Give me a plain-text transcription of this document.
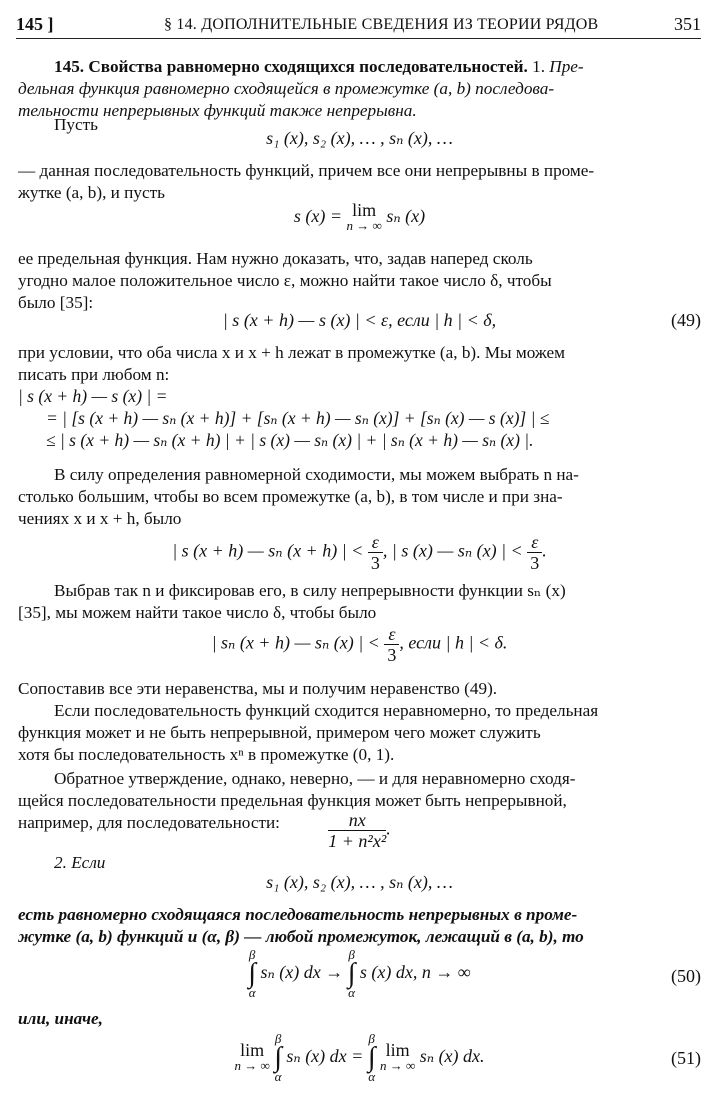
145 ]	§ 14. ДОПОЛНИТЕЛЬНЫЕ СВЕДЕНИЯ ИЗ ТЕОРИИ РЯДОВ	351
145. Свойства равномерно сходящихся последовательностей. 1. Пре-
дельная функция равномерно сходящейся в промежутке (a, b) последова-
тельности непрерывных функций также непрерывна.
Пусть
s₁ (x), s₂ (x), … , sₙ (x), …
— данная последовательность функций, причем все они непрерывны в проме-
жутке (a, b), и пусть
s (x) = lim
n → ∞ sₙ (x)
ее предельная функция. Нам нужно доказать, что, задав наперед сколь
угодно малое положительное число ε, можно найти такое число δ, чтобы
было [35]:
| s (x + h) — s (x) | < ε, если | h | < δ,	(49)
при условии, что оба числа x и x + h лежат в промежутке (a, b). Мы можем
писать при любом n:
| s (x + h) — s (x) | =
= | [s (x + h) — sₙ (x + h)] + [sₙ (x + h) — sₙ (x)] + [sₙ (x) — s (x)] | ≤
≤ | s (x + h) — sₙ (x + h) | + | s (x) — sₙ (x) | + | sₙ (x + h) — sₙ (x) |.
В силу определения равномерной сходимости, мы можем выбрать n на-
столько большим, чтобы во всем промежутке (a, b), в том числе и при зна-
чениях x и x + h, было
| s (x + h) — sₙ (x + h) | < $\frac{\varepsilon}{3}$ , | s (x) — sₙ (x) | < $\frac{\varepsilon}{3}$ .
Выбрав так n и фиксировав его, в силу непрерывности функции sₙ (x)
[35], мы можем найти такое число δ, чтобы было
| sₙ (x + h) — sₙ (x) | < $\frac{\varepsilon}{3}$ , если | h | < δ.
Сопоставив все эти неравенства, мы и получим неравенство (49).
Если последовательность функций сходится неравномерно, то предельная
функция может и не быть непрерывной, примером чего может служить
хотя бы последовательность xⁿ в промежутке (0, 1).
Обратное утверждение, однако, неверно, — и для неравномерно сходя-
щейся последовательности предельная функция может быть непрерывной,
например, для последовательности:	$\frac{nx}{\text{1 + n²x²}}$ .
2. Если
s₁ (x), s₂ (x), … , sₙ (x), …
есть равномерно сходящаяся последовательность непрерывных в проме-
жутке (a, b) функций и (α, β) — любой промежуток, лежащий в (a, b), то
β
∫
α sₙ (x) dx → β
∫
α s (x) dx, n → ∞	(50)
или, иначе,
lim
n → ∞
β
∫
α sₙ (x) dx = β
∫
α lim
n → ∞ sₙ (x) dx.	(51)
